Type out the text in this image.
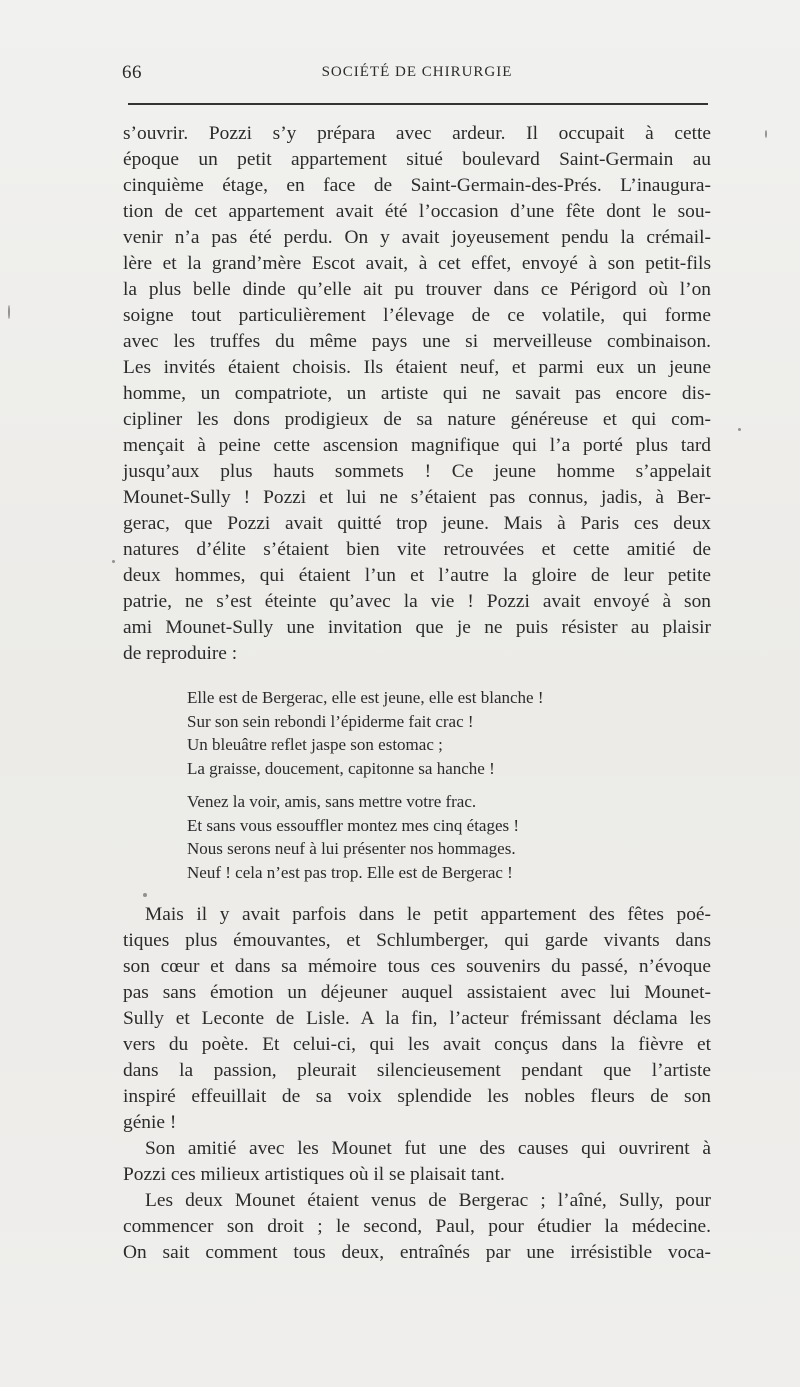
66	SOCIÉTÉ DE CHIRURGIE
s’ouvrir. Pozzi s’y prépara avec ardeur. Il occupait à cette
époque un petit appartement situé boulevard Saint-Germain au
cinquième étage, en face de Saint-Germain-des-Prés. L’inaugura-
tion de cet appartement avait été l’occasion d’une fête dont le sou-
venir n’a pas été perdu. On y avait joyeusement pendu la crémail-
lère et la grand’mère Escot avait, à cet effet, envoyé à son petit-fils
la plus belle dinde qu’elle ait pu trouver dans ce Périgord où l’on
soigne tout particulièrement l’élevage de ce volatile, qui forme
avec les truffes du même pays une si merveilleuse combinaison.
Les invités étaient choisis. Ils étaient neuf, et parmi eux un jeune
homme, un compatriote, un artiste qui ne savait pas encore dis-
cipliner les dons prodigieux de sa nature généreuse et qui com-
mençait à peine cette ascension magnifique qui l’a porté plus tard
jusqu’aux plus hauts sommets ! Ce jeune homme s’appelait
Mounet-Sully ! Pozzi et lui ne s’étaient pas connus, jadis, à Ber-
gerac, que Pozzi avait quitté trop jeune. Mais à Paris ces deux
natures d’élite s’étaient bien vite retrouvées et cette amitié de
deux hommes, qui étaient l’un et l’autre la gloire de leur petite
patrie, ne s’est éteinte qu’avec la vie ! Pozzi avait envoyé à son
ami Mounet-Sully une invitation que je ne puis résister au plaisir
de reproduire :
Elle est de Bergerac, elle est jeune, elle est blanche !
Sur son sein rebondi l’épiderme fait crac !
Un bleuâtre reflet jaspe son estomac ;
La graisse, doucement, capitonne sa hanche !
Venez la voir, amis, sans mettre votre frac.
Et sans vous essouffler montez mes cinq étages !
Nous serons neuf à lui présenter nos hommages.
Neuf ! cela n’est pas trop. Elle est de Bergerac !
Mais il y avait parfois dans le petit appartement des fêtes poé-
tiques plus émouvantes, et Schlumberger, qui garde vivants dans
son cœur et dans sa mémoire tous ces souvenirs du passé, n’évoque
pas sans émotion un déjeuner auquel assistaient avec lui Mounet-
Sully et Leconte de Lisle. A la fin, l’acteur frémissant déclama les
vers du poète. Et celui-ci, qui les avait conçus dans la fièvre et
dans la passion, pleurait silencieusement pendant que l’artiste
inspiré effeuillait de sa voix splendide les nobles fleurs de son
génie !
Son amitié avec les Mounet fut une des causes qui ouvrirent à
Pozzi ces milieux artistiques où il se plaisait tant.
Les deux Mounet étaient venus de Bergerac ; l’aîné, Sully, pour
commencer son droit ; le second, Paul, pour étudier la médecine.
On sait comment tous deux, entraînés par une irrésistible voca-
